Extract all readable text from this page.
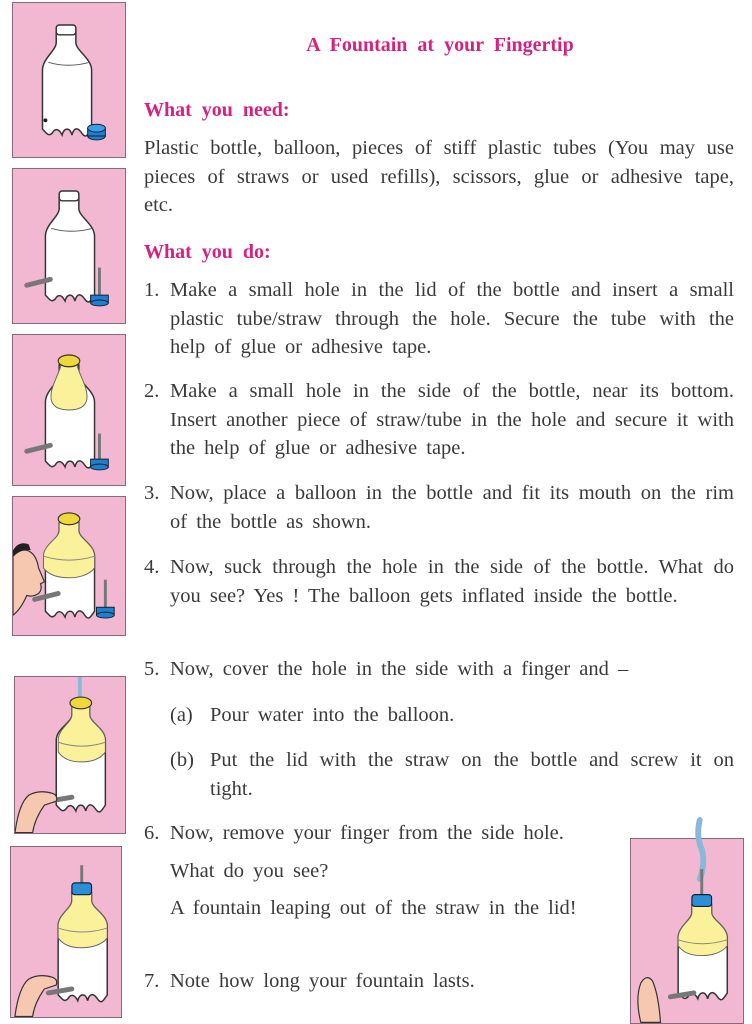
A Fountain at your Fingertip
What you need:
Plastic bottle, balloon, pieces of stiff plastic tubes (You may use pieces of straws or used refills), scissors, glue or adhesive tape, etc.
What you do:
1. Make a small hole in the lid of the bottle and insert a small plastic tube/straw through the hole. Secure the tube with the help of glue or adhesive tape.
2. Make a small hole in the side of the bottle, near its bottom. Insert another piece of straw/tube in the hole and secure it with the help of glue or adhesive tape.
3. Now, place a balloon in the bottle and fit its mouth on the rim of the bottle as shown.
4. Now, suck through the hole in the side of the bottle. What do you see? Yes ! The balloon gets inflated inside the bottle.
5. Now, cover the hole in the side with a finger and –
(a) Pour water into the balloon.
(b) Put the lid with the straw on the bottle and screw it on tight.
6. Now, remove your finger from the side hole.
What do you see?
A fountain leaping out of the straw in the lid!
7. Note how long your fountain lasts.
